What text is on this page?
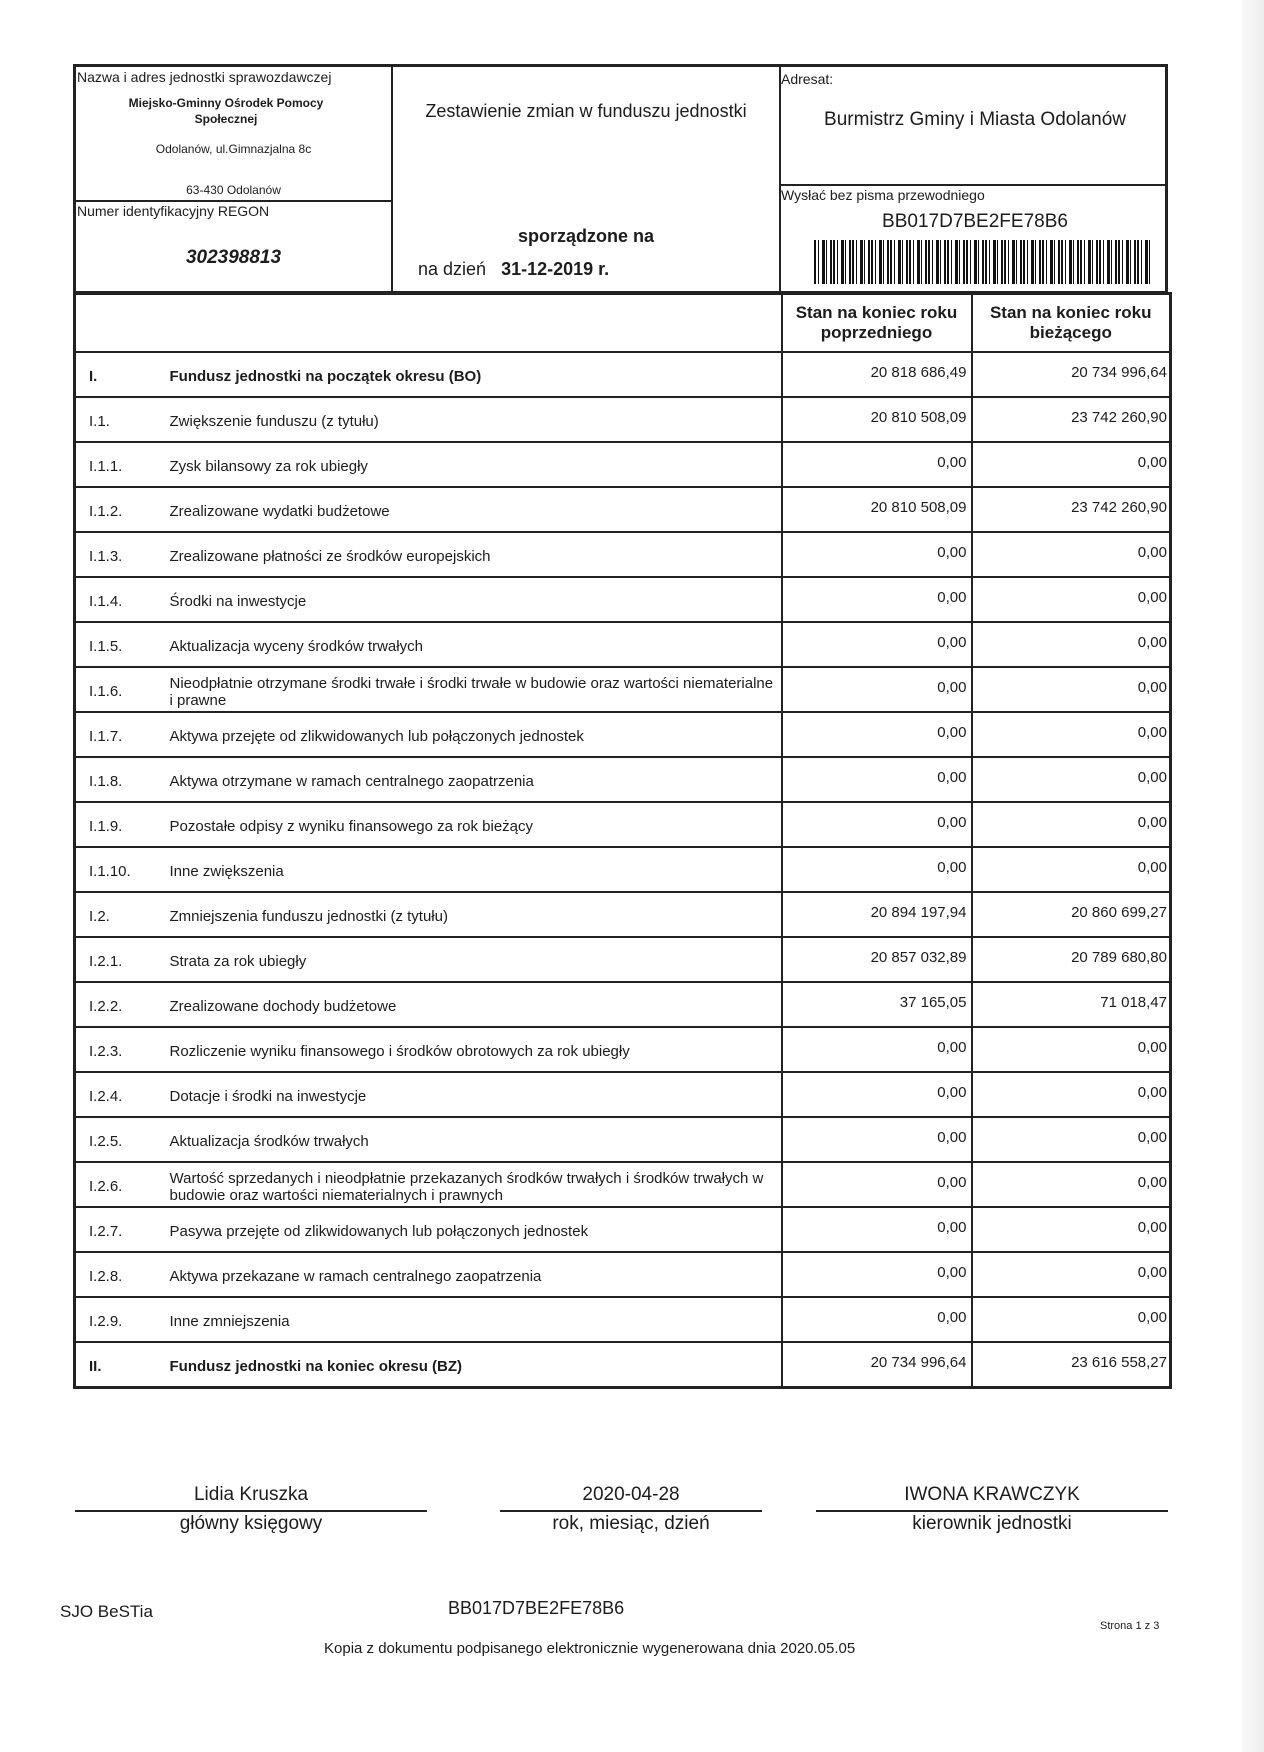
Nazwa i adres jednostki sprawozdawczej
Miejsko-Gminny Ośrodek Pomocy Społecznej
Odolanów, ul.Gimnazjalna 8c
63-430 Odolanów
Numer identyfikacyjny REGON
302398813
Zestawienie zmian w funduszu jednostki
sporządzone na
na dzień 31-12-2019 r.
Adresat:
Burmistrz Gminy i Miasta Odolanów
Wysłać bez pisma przewodniego
BB017D7BE2FE78B6
		Stan na koniec roku poprzedniego	Stan na koniec roku bieżącego
I.	Fundusz jednostki na początek okresu (BO)	20 818 686,49	20 734 996,64
I.1.	Zwiększenie funduszu (z tytułu)	20 810 508,09	23 742 260,90
I.1.1.	Zysk bilansowy za rok ubiegły	0,00	0,00
I.1.2.	Zrealizowane wydatki budżetowe	20 810 508,09	23 742 260,90
I.1.3.	Zrealizowane płatności ze środków europejskich	0,00	0,00
I.1.4.	Środki na inwestycje	0,00	0,00
I.1.5.	Aktualizacja wyceny środków trwałych	0,00	0,00
I.1.6.	Nieodpłatnie otrzymane środki trwałe i środki trwałe w budowie oraz wartości niematerialne i prawne	0,00	0,00
I.1.7.	Aktywa przejęte od zlikwidowanych lub połączonych jednostek	0,00	0,00
I.1.8.	Aktywa otrzymane w ramach centralnego zaopatrzenia	0,00	0,00
I.1.9.	Pozostałe odpisy z wyniku finansowego za rok bieżący	0,00	0,00
I.1.10.	Inne zwiększenia	0,00	0,00
I.2.	Zmniejszenia funduszu jednostki (z tytułu)	20 894 197,94	20 860 699,27
I.2.1.	Strata za rok ubiegły	20 857 032,89	20 789 680,80
I.2.2.	Zrealizowane dochody budżetowe	37 165,05	71 018,47
I.2.3.	Rozliczenie wyniku finansowego i środków obrotowych za rok ubiegły	0,00	0,00
I.2.4.	Dotacje i środki na inwestycje	0,00	0,00
I.2.5.	Aktualizacja środków trwałych	0,00	0,00
I.2.6.	Wartość sprzedanych i nieodpłatnie przekazanych środków trwałych i środków trwałych w budowie oraz wartości niematerialnych i prawnych	0,00	0,00
I.2.7.	Pasywa przejęte od zlikwidowanych lub połączonych jednostek	0,00	0,00
I.2.8.	Aktywa przekazane w ramach centralnego zaopatrzenia	0,00	0,00
I.2.9.	Inne zmniejszenia	0,00	0,00
II.	Fundusz jednostki na koniec okresu (BZ)	20 734 996,64	23 616 558,27
Lidia Kruszka
główny księgowy
2020-04-28
rok, miesiąc, dzień
IWONA KRAWCZYK
kierownik jednostki
SJO BeSTia	BB017D7BE2FE78B6
Strona 1 z 3
Kopia z dokumentu podpisanego elektronicznie wygenerowana dnia 2020.05.05
